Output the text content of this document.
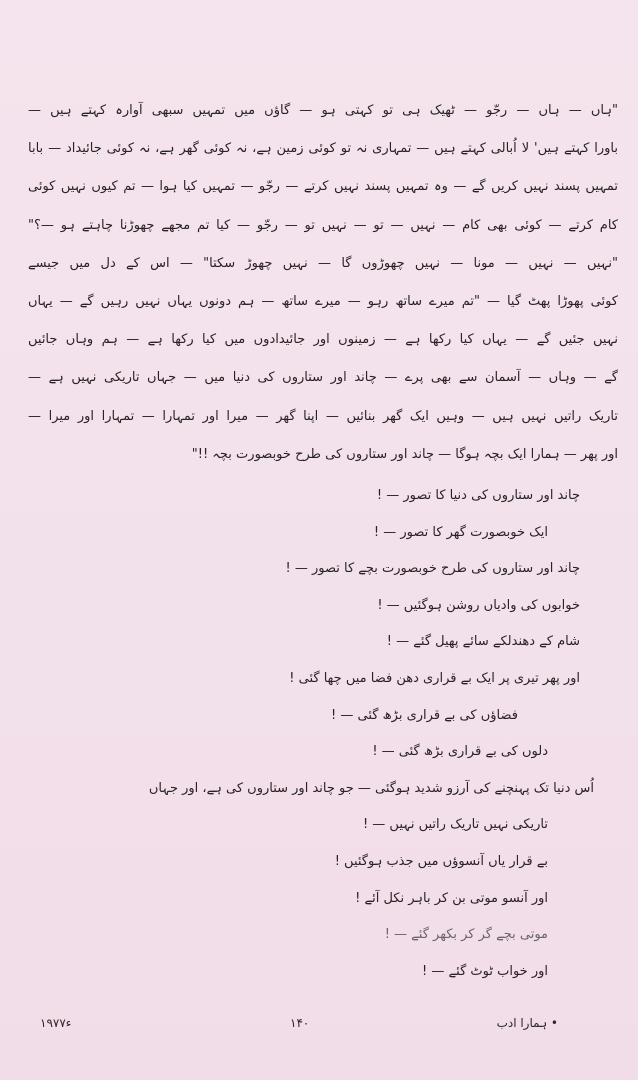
"ہاں — ہاں — رجّو — ٹھیک ہی تو کہتی ہو — گاؤں میں تمہیں سبھی آوارہ کہتے ہیں —
باورا کہتے ہیں' لا اُبالی کہتے ہیں — تمہاری نہ تو کوئی زمین ہے، نہ کوئی گھر ہے، نہ کوئی جائیداد — بابا
تمہیں پسند نہیں کریں گے — وہ تمہیں پسند نہیں کرتے — رجّو — تمہیں کیا ہوا — تم کیوں نہیں کوئی
کام کرتے — کوئی بھی کام — نہیں — تو — نہیں تو — رجّو — کیا تم مجھے چھوڑنا چاہتے ہو —؟"
"نہیں — نہیں — مونا — نہیں چھوڑوں گا — نہیں چھوڑ سکتا" — اس کے دل میں جیسے
کوئی پھوڑا پھٹ گیا — "تم میرے ساتھ رہو — میرے ساتھ — ہم دونوں یہاں نہیں رہیں گے — یہاں
نہیں جئیں گے — یہاں کیا رکھا ہے — زمینوں اور جائیدادوں میں کیا رکھا ہے — ہم وہاں جائیں
گے — وہاں — آسمان سے بھی پرے — چاند اور ستاروں کی دنیا میں — جہاں تاریکی نہیں ہے —
تاریک راتیں نہیں ہیں — وہیں ایک گھر بنائیں — اپنا گھر — میرا اور تمہارا — تمہارا اور میرا —
اور پھر — ہمارا ایک بچہ ہوگا — چاند اور ستاروں کی طرح خوبصورت بچہ !!"
چاند اور ستاروں کی دنیا کا تصور — !
ایک خوبصورت گھر کا تصور — !
چاند اور ستاروں کی طرح خوبصورت بچے کا تصور — !
خوابوں کی وادیاں روشن ہوگئیں — !
شام کے دھندلکے سائے پھیل گئے — !
اور پھر تیری پر ایک بے قراری دھن فضا میں چھا گئی !
فضاؤں کی بے قراری بڑھ گئی — !
دلوں کی بے قراری بڑھ گئی — !
اُس دنیا تک پہنچنے کی آرزو شدید ہوگئی — جو چاند اور ستاروں کی ہے، اور جہاں
تاریکی نہیں تاریک راتیں نہیں — !
بے قرار یاں آنسوؤں میں جذب ہوگئیں !
اور آنسو موتی بن کر باہر نکل آئے !
موتی بچے گر کر بکھر گئے — !
اور خواب ٹوٹ گئے — !
۱۹۷۷ء	۱۴۰	• ہمارا ادب
